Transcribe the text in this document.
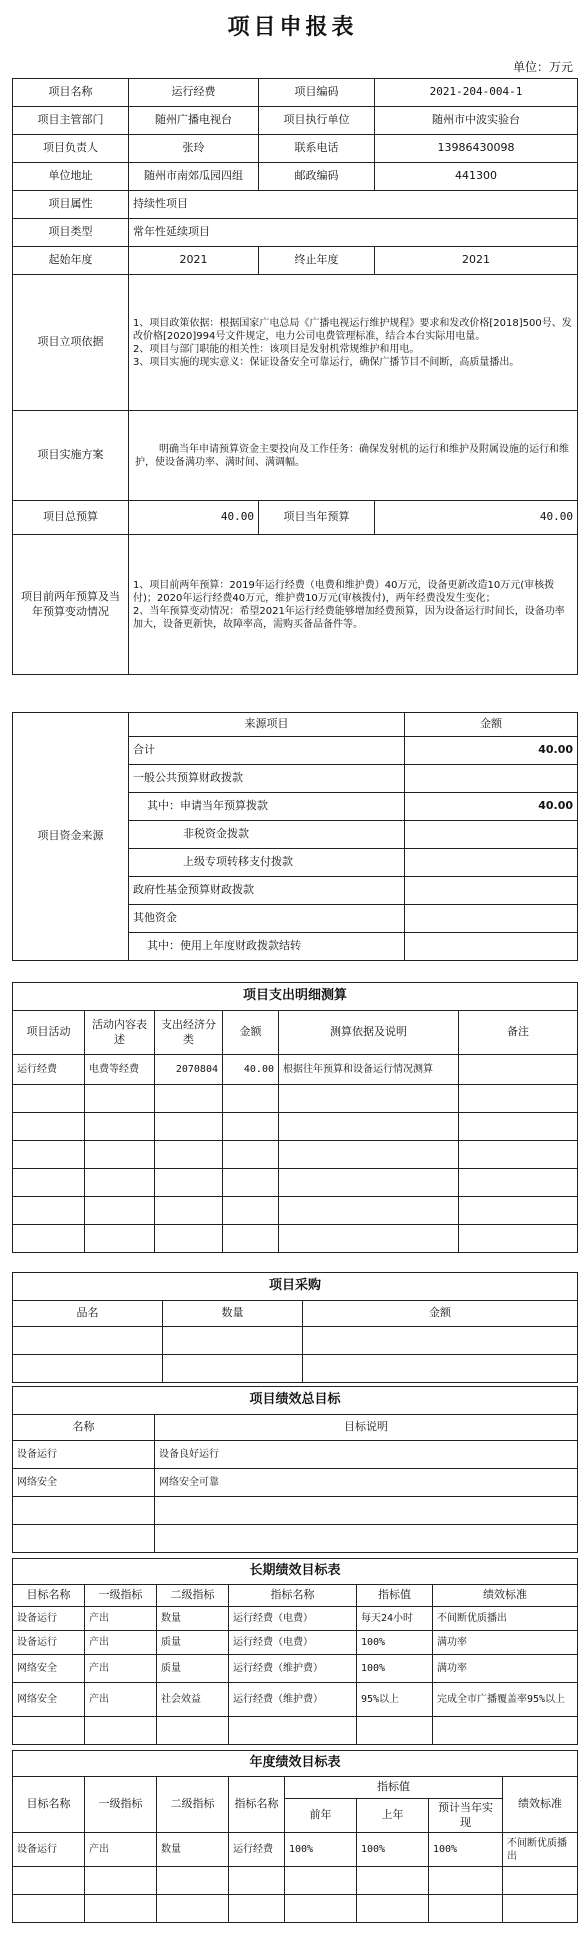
项目申报表
单位：万元
项目名称	运行经费	项目编码	2021-204-004-1
项目主管部门	随州广播电视台	项目执行单位	随州市中波实验台
项目负责人	张玲	联系电话	13986430098
单位地址	随州市南郊瓜园四组	邮政编码	441300
项目属性	持续性项目		
项目类型	常年性延续项目		
起始年度	2021	终止年度	2021
项目立项依据	1、项目政策依据：根据国家广电总局《广播电视运行维护规程》要求和发改价格[2018]500号、发改价格[2020]994号文件规定，电力公司电费管理标准，结合本台实际用电量。
2、项目与部门职能的相关性：该项目是发射机常规维护和用电。
3、项目实施的现实意义：保证设备安全可靠运行，确保广播节目不间断，高质量播出。		
项目实施方案	明确当年申请预算资金主要投向及工作任务：确保发射机的运行和维护及附属设施的运行和维护，使设备满功率、满时间、满调幅。		
项目总预算	40.00	项目当年预算	40.00
项目前两年预算及当年预算变动情况	1、项目前两年预算：2019年运行经费（电费和维护费）40万元，设备更新改造10万元(审核拨付)；2020年运行经费40万元，维护费10万元(审核拨付)，两年经费没发生变化；
2、当年预算变动情况：希望2021年运行经费能够增加经费预算，因为设备运行时间长，设备功率加大，设备更新快，故障率高，需购买备品备件等。		
项目资金来源	来源项目	金额
	合计	40.00
	一般公共预算财政拨款	
	其中：申请当年预算拨款	40.00
	非税资金拨款	
	上级专项转移支付拨款	
	政府性基金预算财政拨款	
	其他资金	
	其中：使用上年度财政拨款结转	
项目支出明细测算					
项目活动	活动内容表述	支出经济分类	金额	测算依据及说明	备注
运行经费	电费等经费	2070804	40.00	根据往年预算和设备运行情况测算	

项目采购		
品名	数量	金额

项目绩效总目标	
名称	目标说明
设备运行	设备良好运行
网络安全	网络安全可靠

长期绩效目标表					
目标名称	一级指标	二级指标	指标名称	指标值	绩效标准
设备运行	产出	数量	运行经费（电费）	每天24小时	不间断优质播出
设备运行	产出	质量	运行经费（电费）	100%	满功率
网络安全	产出	质量	运行经费（维护费）	100%	满功率
网络安全	产出	社会效益	运行经费（维护费）	95%以上	完成全市广播覆盖率95%以上

年度绩效目标表							
目标名称	一级指标	二级指标	指标名称	指标值			绩效标准
				前年	上年	预计当年实现	
设备运行	产出	数量	运行经费	100%	100%	100%	不间断优质播出
